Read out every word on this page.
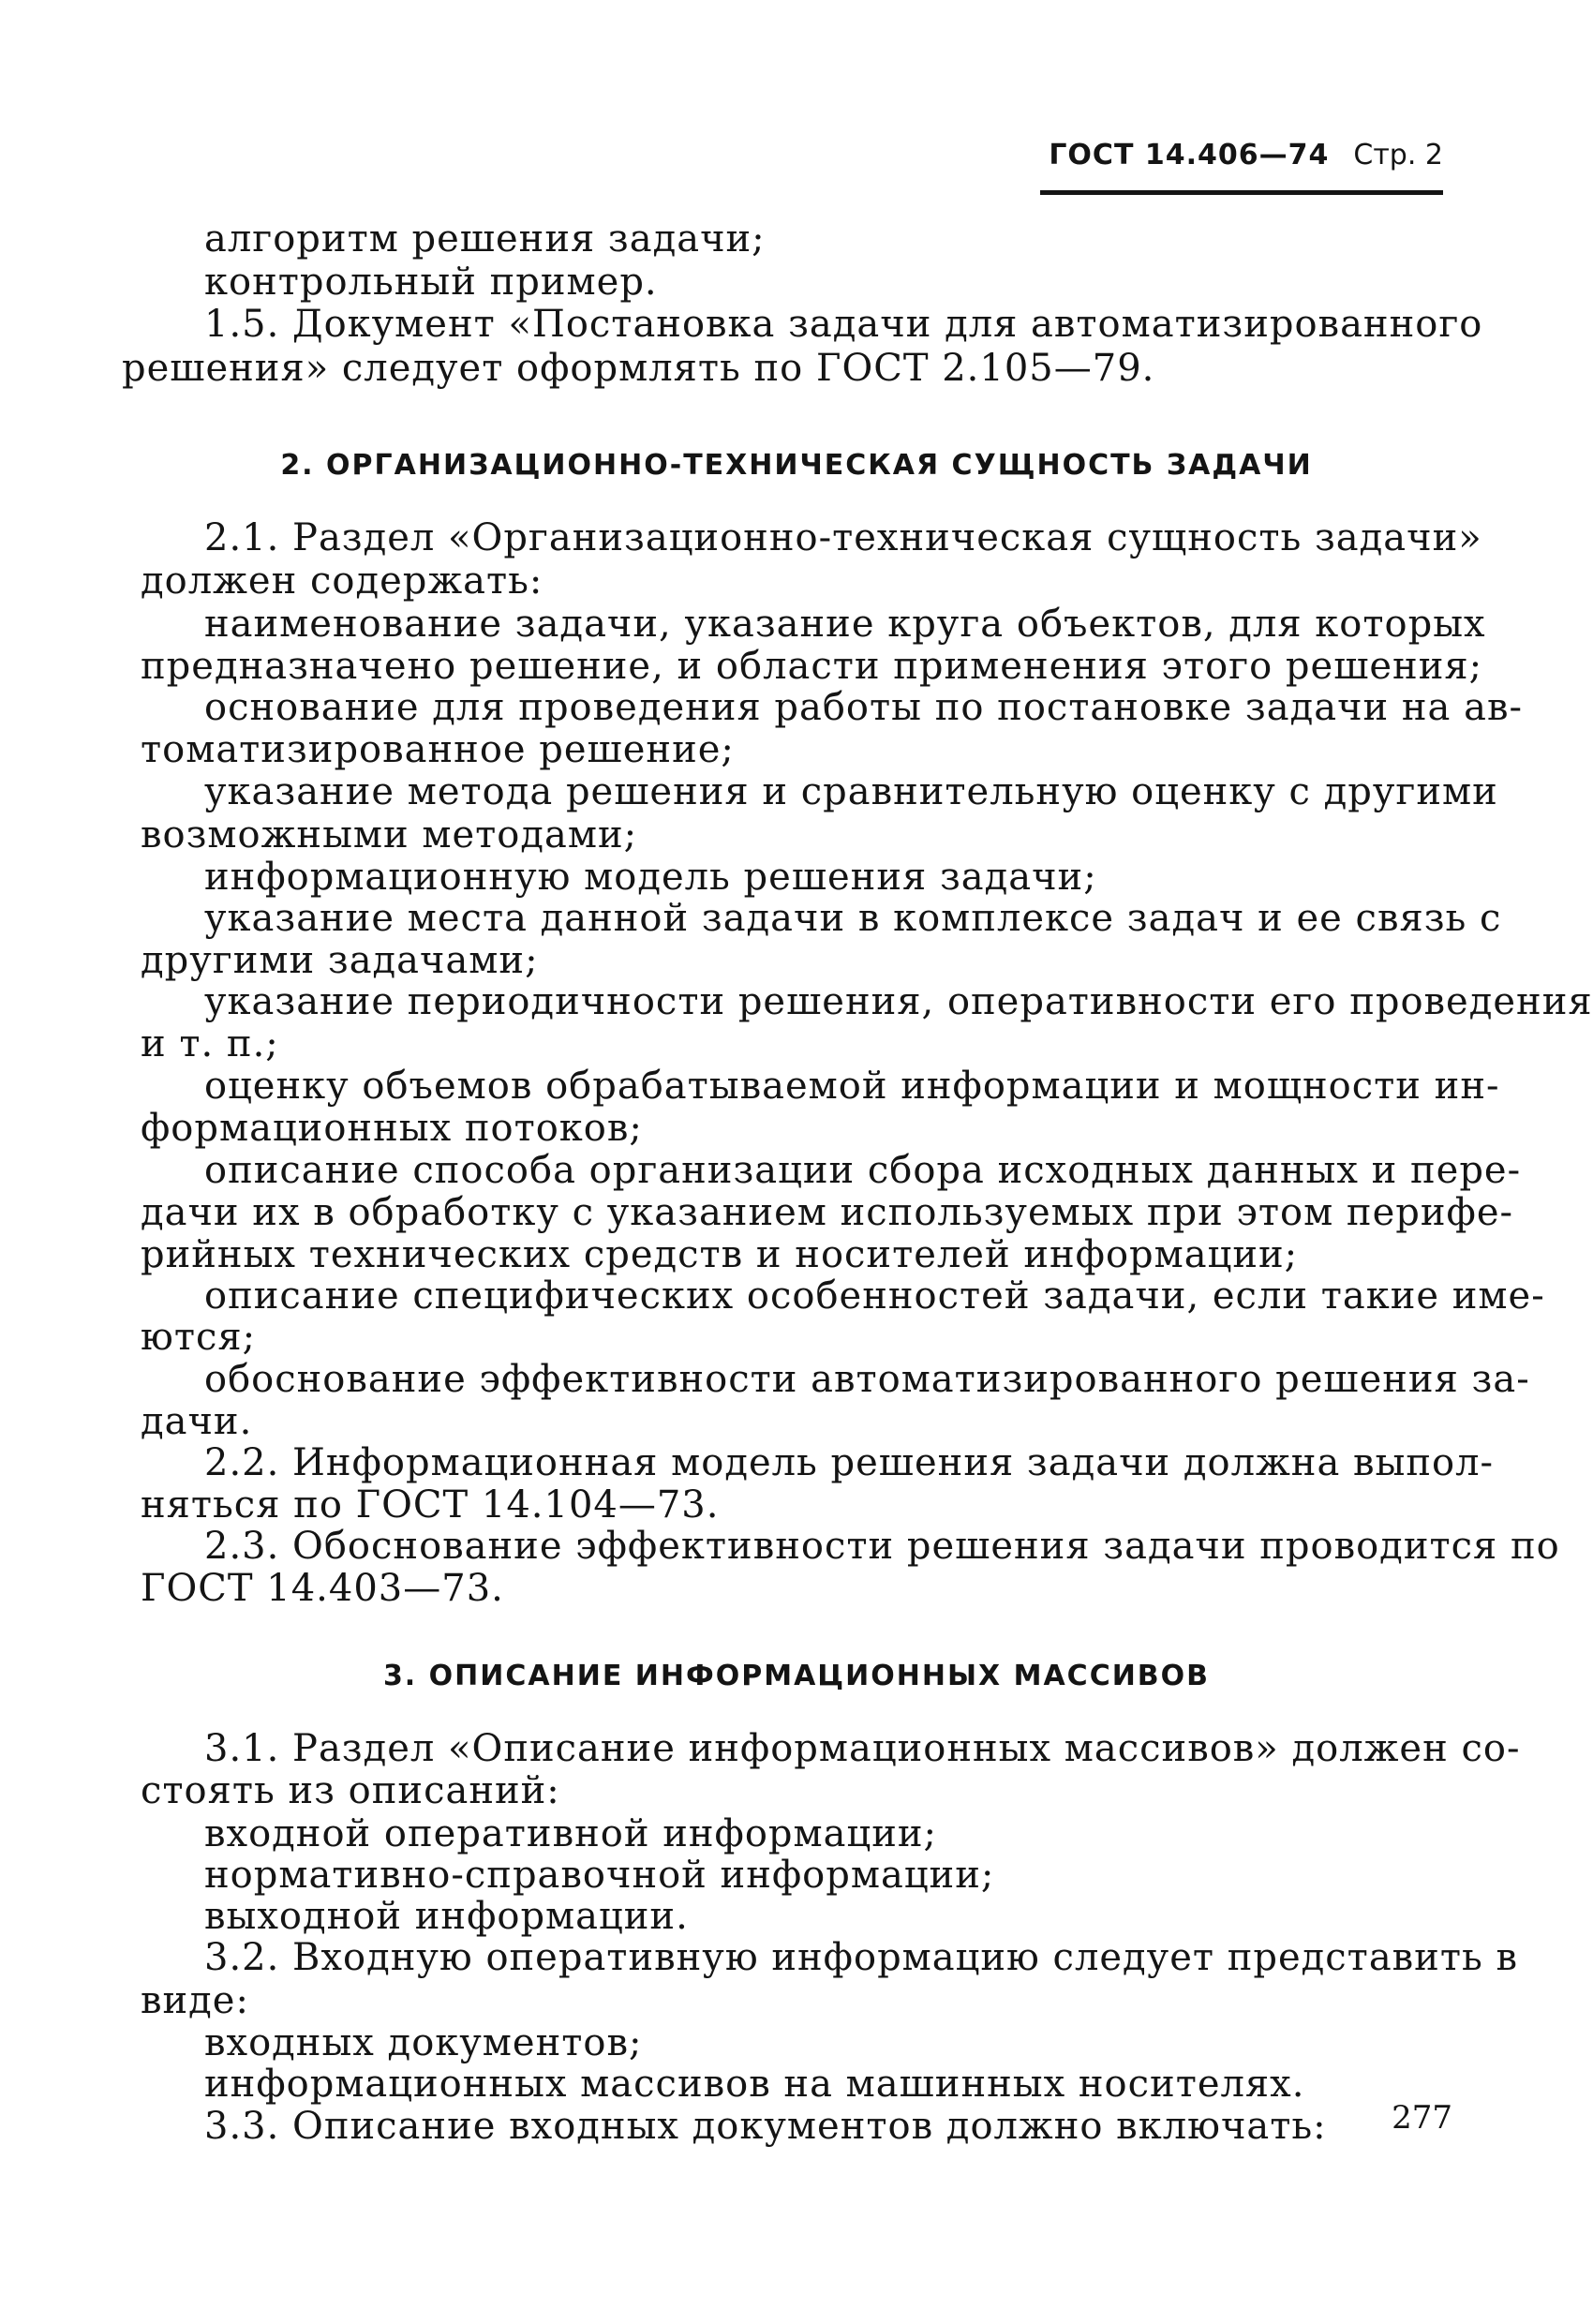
ГОСТ 14.406—74 Стр. 2
алгоритм решения задачи;
контрольный пример.
1.5. Документ «Постановка задачи для автоматизированного
решения» следует оформлять по ГОСТ 2.105—79.
2. ОРГАНИЗАЦИОННО-ТЕХНИЧЕСКАЯ СУЩНОСТЬ ЗАДАЧИ
2.1. Раздел «Организационно-техническая сущность задачи»
должен содержать:
наименование задачи, указание круга объектов, для которых
предназначено решение, и области применения этого решения;
основание для проведения работы по постановке задачи на ав-
томатизированное решение;
указание метода решения и сравнительную оценку с другими
возможными методами;
информационную модель решения задачи;
указание места данной задачи в комплексе задач и ее связь с
другими задачами;
указание периодичности решения, оперативности его проведения
и т. п.;
оценку объемов обрабатываемой информации и мощности ин-
формационных потоков;
описание способа организации сбора исходных данных и пере-
дачи их в обработку с указанием используемых при этом перифе-
рийных технических средств и носителей информации;
описание специфических особенностей задачи, если такие име-
ются;
обоснование эффективности автоматизированного решения за-
дачи.
2.2. Информационная модель решения задачи должна выпол-
няться по ГОСТ 14.104—73.
2.3. Обоснование эффективности решения задачи проводится по
ГОСТ 14.403—73.
3. ОПИСАНИЕ ИНФОРМАЦИОННЫХ МАССИВОВ
3.1. Раздел «Описание информационных массивов» должен со-
стоять из описаний:
входной оперативной информации;
нормативно-справочной информации;
выходной информации.
3.2. Входную оперативную информацию следует представить в
виде:
входных документов;
информационных массивов на машинных носителях.
3.3. Описание входных документов должно включать:	277
